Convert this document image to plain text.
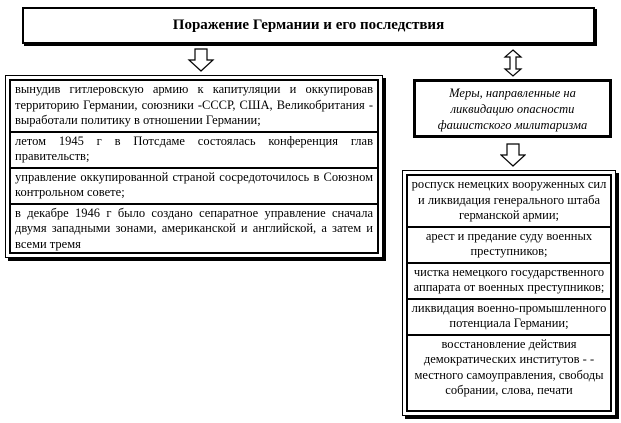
Поражение Германии и его последствия
вынудив гитлеровскую армию к капитуляции и оккупировав территорию Германии, союзники -СССР, США, Великобритания - выработали политику в отношении Германии;
летом 1945 г в Потсдаме состоялась конференция глав правительств;
управление оккупированной страной сосредоточилось в Союзном контрольном совете;
в декабре 1946 г было создано сепаратное управление сначала двумя западными зонами, американской и английской, а затем и всеми тремя
Меры, направленные на ликвидацию опасности фашистского милитаризма
роспуск немецких вооруженных сил и ликвидация генерального штаба германской армии;
арест и предание суду военных преступников;
чистка немецкого государственного аппарата от военных преступников;
ликвидация военно-промышленного потенциала Германии;
восстановление действия демократических институтов - - местного самоуправления, свободы собрании, слова, печати
